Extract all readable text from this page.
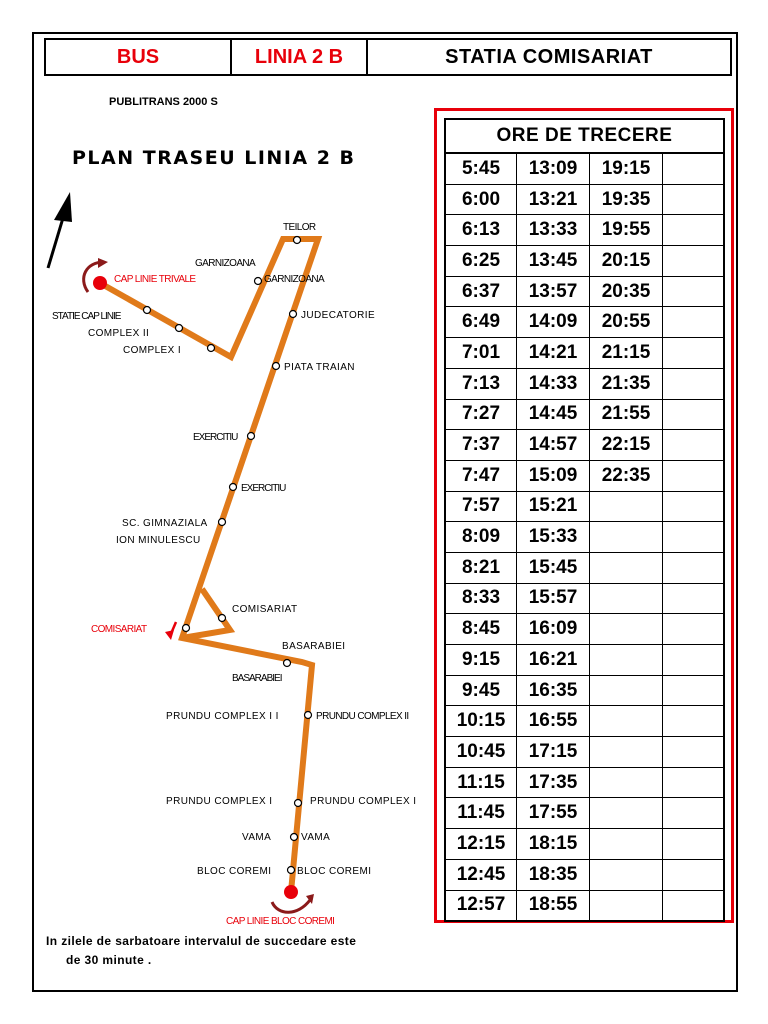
BUS	LINIA 2 B	STATIA COMISARIAT
PUBLITRANS 2000 S
PLAN TRASEU LINIA 2 B
TEILOR
GARNIZOANA
GARNIZOANA
CAP LINIE TRIVALE
STATIE CAP LINIE
COMPLEX II
COMPLEX I
JUDECATORIE
PIATA TRAIAN
EXERCITIU
EXERCITIU
SC. GIMNAZIALA
ION MINULESCU
COMISARIAT
COMISARIAT
BASARABIEI
BASARABIEI
PRUNDU COMPLEX I I	PRUNDU COMPLEX II
PRUNDU COMPLEX I	PRUNDU COMPLEX I
VAMA	VAMA
BLOC COREMI	BLOC COREMI
CAP LINIE BLOC COREMI
In zilele de sarbatoare intervalul de succedare este
de 30 minute .
ORE DE TRECERE			
5:45	13:09	19:15	
6:00	13:21	19:35	
6:13	13:33	19:55	
6:25	13:45	20:15	
6:37	13:57	20:35	
6:49	14:09	20:55	
7:01	14:21	21:15	
7:13	14:33	21:35	
7:27	14:45	21:55	
7:37	14:57	22:15	
7:47	15:09	22:35	
7:57	15:21		
8:09	15:33		
8:21	15:45		
8:33	15:57		
8:45	16:09		
9:15	16:21		
9:45	16:35		
10:15	16:55		
10:45	17:15		
11:15	17:35		
11:45	17:55		
12:15	18:15		
12:45	18:35		
12:57	18:55		
